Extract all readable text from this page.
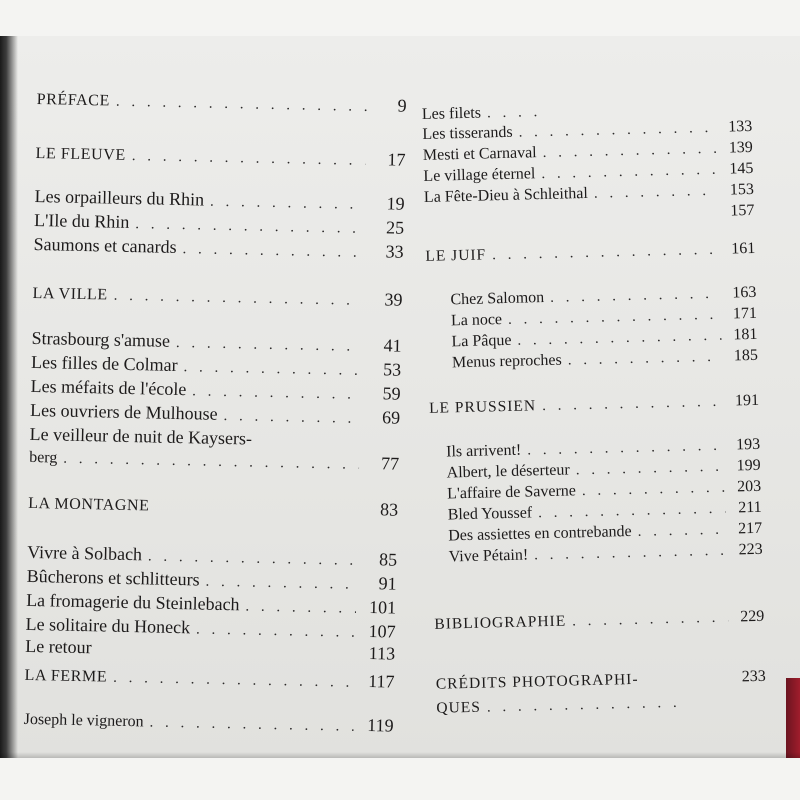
PRÉFACE . . .	9
LE FLEUVE . . .	17
Les orpailleurs du Rhin . . .	19
L'Ile du Rhin . . .	25
Saumons et canards . . .	33
LA VILLE . . .	39
Strasbourg s'amuse . . .	41
Les filles de Colmar . . .	53
Les méfaits de l'école . . .	59
Les ouvriers de Mulhouse . . .	69
Le veilleur de nuit de Kaysers-
berg . . .	77
LA MONTAGNE	83
Vivre à Solbach . . .	85
Bûcherons et schlitteurs . . .	91
La fromagerie du Steinlebach . . .	101
Le solitaire du Honeck . . .	107
Le retour	113
LA FERME . . .	117
Joseph le vigneron . . .	119
Les filets
. . .
Les tisserands . . .	133
Mesti et Carnaval . . .	139
Le village éternel . . .	145
La Fête-Dieu à Schleithal . . .	153
157
LE JUIF . . .	161
Chez Salomon . . .	163
La noce . . .	171
La Pâque . . .	181
Menus reproches . . .	185
LE PRUSSIEN . . .	191
Ils arrivent! . . .	193
Albert, le déserteur . . .	199
L'affaire de Saverne . . .	203
Bled Youssef . . .	211
Des assiettes en contrebande . . .	217
Vive Pétain! . . .	223
BIBLIOGRAPHIE . . .	229
CRÉDITS PHOTOGRAPHI-	233
QUES
. . .
